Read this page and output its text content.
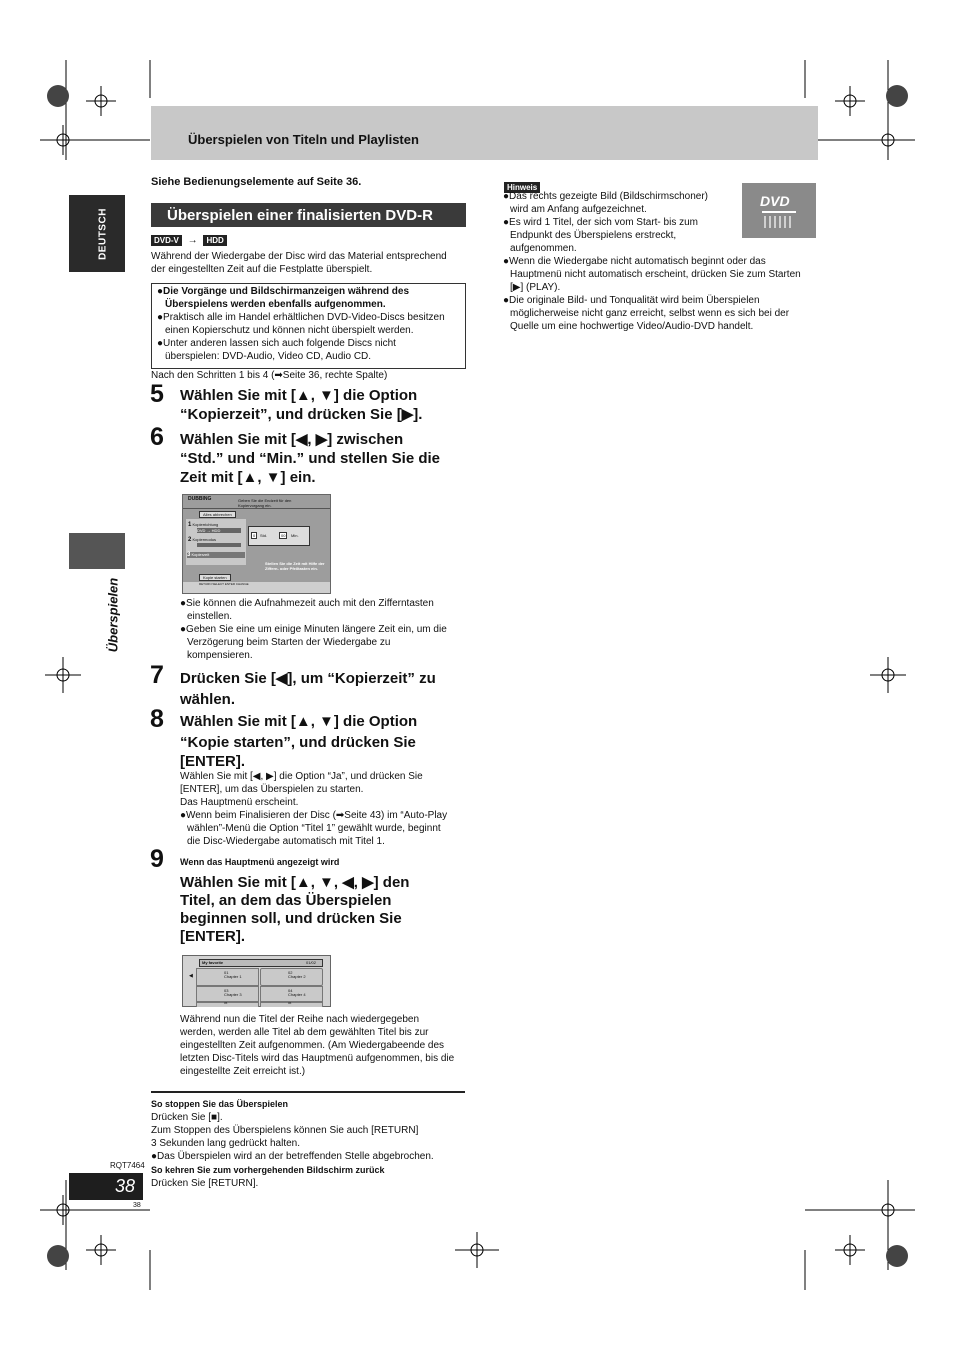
Überspielen von Titeln und Playlisten
DEUTSCH
Überspielen
Siehe Bedienungselemente auf Seite 36.
Überspielen einer finalisierten DVD-R
DVD-V → HDD
Während der Wiedergabe der Disc wird das Material entsprechend
der eingestellten Zeit auf die Festplatte überspielt.
●Die Vorgänge und Bildschirmanzeigen während des
Überspielens werden ebenfalls aufgenommen.
●Praktisch alle im Handel erhältlichen DVD-Video-Discs besitzen
einen Kopierschutz und können nicht überspielt werden.
●Unter anderen lassen sich auch folgende Discs nicht
überspielen: DVD-Audio, Video CD, Audio CD.
Nach den Schritten 1 bis 4 (➡Seite 36, rechte Spalte)
5 Wählen Sie mit [▲, ▼] die Option
“Kopierzeit”, und drücken Sie [▶].
6 Wählen Sie mit [◀, ▶] zwischen
“Std.” und “Min.” und stellen Sie die
Zeit mit [▲, ▼] ein.
DUBBING	Geben Sie die Endzeit für den
Kopiervorgang ein.
Alles abbrechen
1 Kopierrichtung
DVD → HDD
2 Kopiermodus
3 Kopierzeit
0	Std.	00	Min.
Stellen Sie die Zeit mit Hilfe der
Ziffern- oder Pfeiltasten ein.
Kopie starten
RETURN SELECT ENTER CHANGE
●Sie können die Aufnahmezeit auch mit den Zifferntasten
einstellen.
●Geben Sie eine um einige Minuten längere Zeit ein, um die
Verzögerung beim Starten der Wiedergabe zu
kompensieren.
7 Drücken Sie [◀], um “Kopierzeit” zu
wählen.
8 Wählen Sie mit [▲, ▼] die Option
“Kopie starten”, und drücken Sie
[ENTER].
Wählen Sie mit [◀, ▶] die Option “Ja”, und drücken Sie
[ENTER], um das Überspielen zu starten.
Das Hauptmenü erscheint.
●Wenn beim Finalisieren der Disc (➡Seite 43) im “Auto-Play
wählen”-Menü die Option “Titel 1” gewählt wurde, beginnt
die Disc-Wiedergabe automatisch mit Titel 1.
9 Wenn das Hauptmenü angezeigt wird
Wählen Sie mit [▲, ▼, ◀, ▶] den
Titel, an dem das Überspielen
beginnen soll, und drücken Sie
[ENTER].
My favorite	01/02
◀
01
Chapter 1
02
Chapter 2
03
Chapter 3
04
Chapter 4
05	06
Während nun die Titel der Reihe nach wiedergegeben
werden, werden alle Titel ab dem gewählten Titel bis zur
eingestellten Zeit aufgenommen. (Am Wiedergabeende des
letzten Disc-Titels wird das Hauptmenü aufgenommen, bis die
eingestellte Zeit erreicht ist.)
So stoppen Sie das Überspielen
Drücken Sie [■].
Zum Stoppen des Überspielens können Sie auch [RETURN]
3 Sekunden lang gedrückt halten.
●Das Überspielen wird an der betreffenden Stelle abgebrochen.
So kehren Sie zum vorhergehenden Bildschirm zurück
Drücken Sie [RETURN].
Hinweis
DVD
●Das rechts gezeigte Bild (Bildschirmschoner)
wird am Anfang aufgezeichnet.
●Es wird 1 Titel, der sich vom Start- bis zum
Endpunkt des Überspielens erstreckt,
aufgenommen.
●Wenn die Wiedergabe nicht automatisch beginnt oder das
Hauptmenü nicht automatisch erscheint, drücken Sie zum Starten
[▶] (PLAY).
●Die originale Bild- und Tonqualität wird beim Überspielen
möglicherweise nicht ganz erreicht, selbst wenn es sich bei der
Quelle um eine hochwertige Video/Audio-DVD handelt.
RQT7464
38
38
